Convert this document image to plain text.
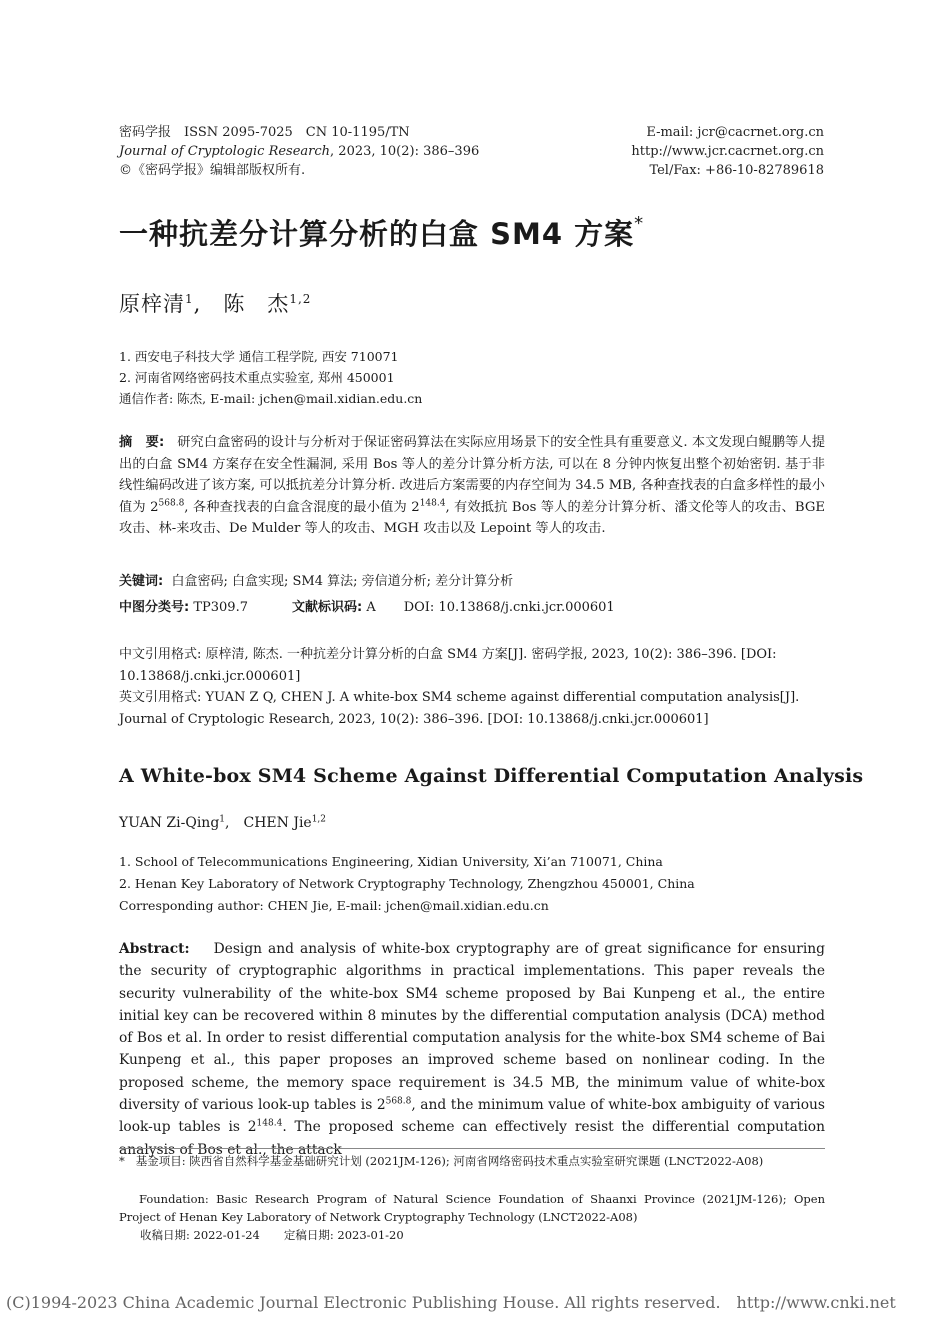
密码学报　ISSN 2095-7025　CN 10-1195/TN
Journal of Cryptologic Research, 2023, 10(2): 386–396
©《密码学报》编辑部版权所有.
E-mail: jcr@cacrnet.org.cn
http://www.jcr.cacrnet.org.cn
Tel/Fax: +86-10-82789618
一种抗差分计算分析的白盒 SM4 方案*
原梓清$^1$,　陈　杰$^{1,2}$
1. 西安电子科技大学 通信工程学院, 西安 710071
2. 河南省网络密码技术重点实验室, 郑州 450001
通信作者: 陈杰, E-mail: jchen@mail.xidian.edu.cn
摘　要: 研究白盒密码的设计与分析对于保证密码算法在实际应用场景下的安全性具有重要意义. 本文发现白鲲鹏等人提出的白盒 SM4 方案存在安全性漏洞, 采用 Bos 等人的差分计算分析方法, 可以在 8 分钟内恢复出整个初始密钥. 基于非线性编码改进了该方案, 可以抵抗差分计算分析. 改进后方案需要的内存空间为 34.5 MB, 各种查找表的白盒多样性的最小值为 $2^{568.8}$, 各种查找表的白盒含混度的最小值为 $2^{148.4}$, 有效抵抗 Bos 等人的差分计算分析、潘文伦等人的攻击、BGE 攻击、林-来攻击、De Mulder 等人的攻击、MGH 攻击以及 Lepoint 等人的攻击.
关键词: 白盒密码; 白盒实现; SM4 算法; 旁信道分析; 差分计算分析
中图分类号: TP309.7	文献标识码: A DOI: 10.13868/j.cnki.jcr.000601
中文引用格式: 原梓清, 陈杰. 一种抗差分计算分析的白盒 SM4 方案[J]. 密码学报, 2023, 10(2): 386–396. [DOI: 10.13868/j.cnki.jcr.000601]
英文引用格式: YUAN Z Q, CHEN J. A white-box SM4 scheme against differential computation analysis[J]. Journal of Cryptologic Research, 2023, 10(2): 386–396. [DOI: 10.13868/j.cnki.jcr.000601]
A White-box SM4 Scheme Against Differential Computation Analysis
YUAN Zi-Qing$^1$,　CHEN Jie$^{1,2}$
1. School of Telecommunications Engineering, Xidian University, Xi’an 710071, China
2. Henan Key Laboratory of Network Cryptography Technology, Zhengzhou 450001, China
Corresponding author: CHEN Jie, E-mail: jchen@mail.xidian.edu.cn
Abstract: Design and analysis of white-box cryptography are of great significance for ensuring the security of cryptographic algorithms in practical implementations. This paper reveals the security vulnerability of the white-box SM4 scheme proposed by Bai Kunpeng et al., the entire initial key can be recovered within 8 minutes by the differential computation analysis (DCA) method of Bos et al. In order to resist differential computation analysis for the white-box SM4 scheme of Bai Kunpeng et al., this paper proposes an improved scheme based on nonlinear coding. In the proposed scheme, the memory space requirement is 34.5 MB, the minimum value of white-box diversity of various look-up tables is $2^{568.8}$, and the minimum value of white-box ambiguity of various look-up tables is $2^{148.4}$. The proposed scheme can effectively resist the differential computation analysis of Bos et al., the attack
* 基金项目: 陕西省自然科学基金基础研究计划 (2021JM-126); 河南省网络密码技术重点实验室研究课题 (LNCT2022-A08)
Foundation: Basic Research Program of Natural Science Foundation of Shaanxi Province (2021JM-126); Open Project of Henan Key Laboratory of Network Cryptography Technology (LNCT2022-A08)
收稿日期: 2022-01-24 定稿日期: 2023-01-20
(C)1994-2023 China Academic Journal Electronic Publishing House. All rights reserved.　http://www.cnki.net
